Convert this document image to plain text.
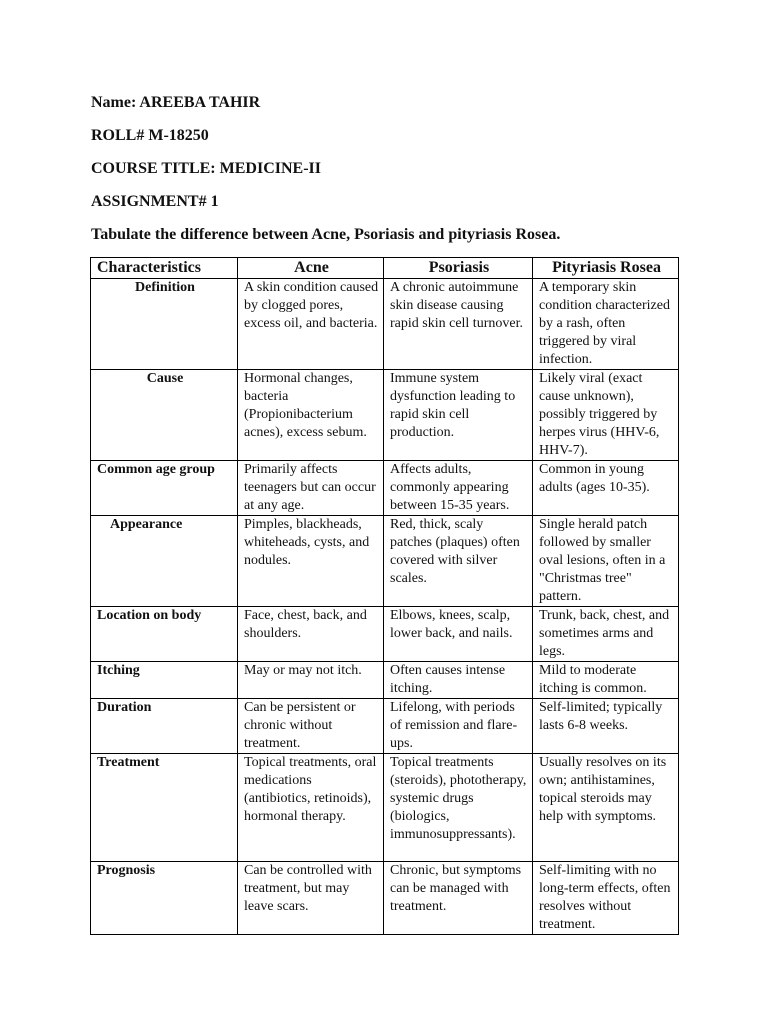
Name: AREEBA TAHIR

ROLL# M-18250

COURSE TITLE: MEDICINE-II

ASSIGNMENT# 1

Tabulate the difference between Acne, Psoriasis and pityriasis Rosea.

Characteristics	Acne	Psoriasis	Pityriasis Rosea
Definition	A skin condition caused by clogged pores, excess oil, and bacteria.	A chronic autoimmune skin disease causing rapid skin cell turnover.	A temporary skin condition characterized by a rash, often triggered by viral infection.
Cause	Hormonal changes, bacteria (Propionibacterium acnes), excess sebum.	Immune system dysfunction leading to rapid skin cell production.	Likely viral (exact cause unknown), possibly triggered by herpes virus (HHV-6, HHV-7).
Common age group	Primarily affects teenagers but can occur at any age.	Affects adults, commonly appearing between 15-35 years.	Common in young adults (ages 10-35).
Appearance	Pimples, blackheads, whiteheads, cysts, and nodules.	Red, thick, scaly patches (plaques) often covered with silver scales.	Single herald patch followed by smaller oval lesions, often in a "Christmas tree" pattern.
Location on body	Face, chest, back, and shoulders.	Elbows, knees, scalp, lower back, and nails.	Trunk, back, chest, and sometimes arms and legs.
Itching	May or may not itch.	Often causes intense itching.	Mild to moderate itching is common.
Duration	Can be persistent or chronic without treatment.	Lifelong, with periods of remission and flare-ups.	Self-limited; typically lasts 6-8 weeks.
Treatment	Topical treatments, oral medications (antibiotics, retinoids), hormonal therapy.	Topical treatments (steroids), phototherapy, systemic drugs (biologics, immunosuppressants).	Usually resolves on its own; antihistamines, topical steroids may help with symptoms.
Prognosis	Can be controlled with treatment, but may leave scars.	Chronic, but symptoms can be managed with treatment.	Self-limiting with no long-term effects, often resolves without treatment.
